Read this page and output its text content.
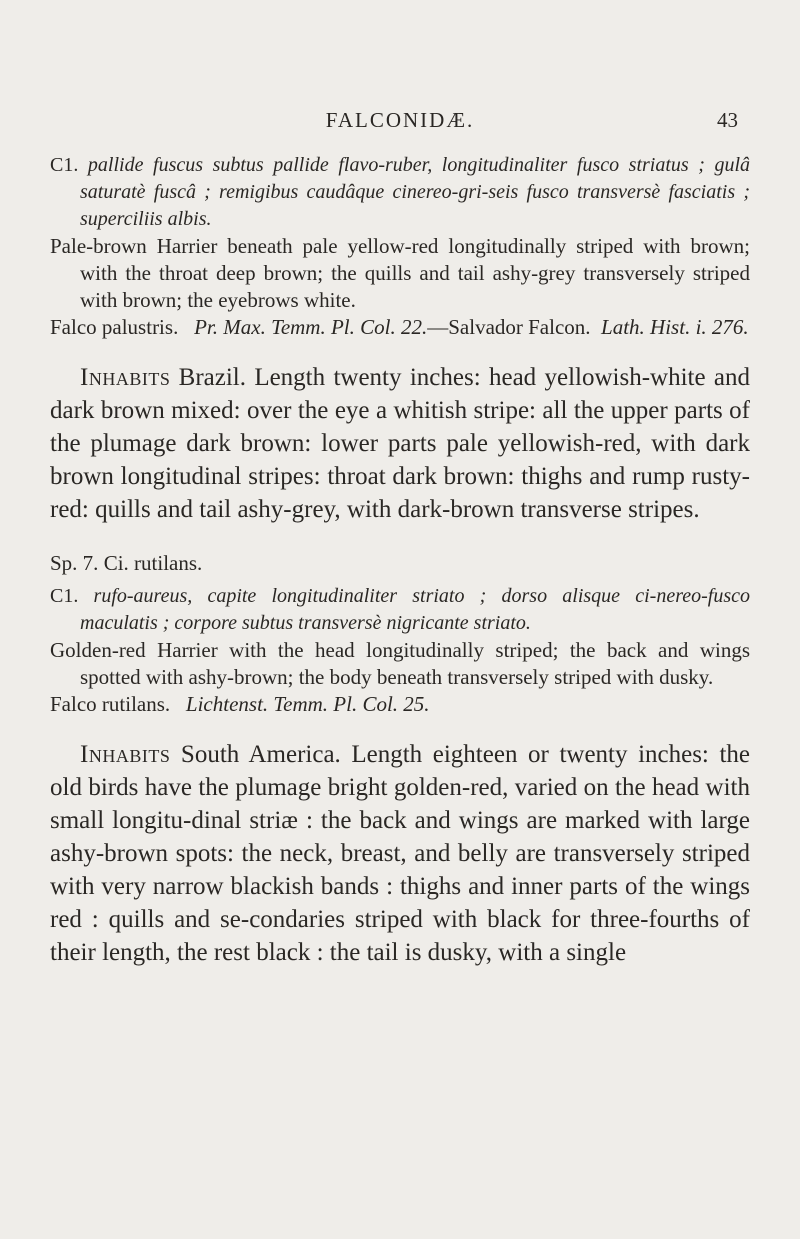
FALCONIDÆ.	43

C1. pallide fuscus subtus pallide flavo-ruber, longitudinaliter fusco striatus ; gulâ saturatè fuscâ ; remigibus caudâque cinereo-gri-seis fusco transversè fasciatis ; superciliis albis.

Pale-brown Harrier beneath pale yellow-red longitudinally striped with brown; with the throat deep brown; the quills and tail ashy-grey transversely striped with brown; the eyebrows white.

Falco palustris. Pr. Max. Temm. Pl. Col. 22.—Salvador Falcon. Lath. Hist. i. 276.

Inhabits Brazil. Length twenty inches: head yellowish-white and dark brown mixed: over the eye a whitish stripe: all the upper parts of the plumage dark brown: lower parts pale yellowish-red, with dark brown longitudinal stripes: throat dark brown: thighs and rump rusty-red: quills and tail ashy-grey, with dark-brown transverse stripes.

Sp. 7. Ci. rutilans.

C1. rufo-aureus, capite longitudinaliter striato ; dorso alisque ci-nereo-fusco maculatis ; corpore subtus transversè nigricante striato.

Golden-red Harrier with the head longitudinally striped; the back and wings spotted with ashy-brown; the body beneath transversely striped with dusky.

Falco rutilans. Lichtenst. Temm. Pl. Col. 25.

Inhabits South America. Length eighteen or twenty inches: the old birds have the plumage bright golden-red, varied on the head with small longitu-dinal striæ : the back and wings are marked with large ashy-brown spots: the neck, breast, and belly are transversely striped with very narrow blackish bands : thighs and inner parts of the wings red : quills and se-condaries striped with black for three-fourths of their length, the rest black : the tail is dusky, with a single
